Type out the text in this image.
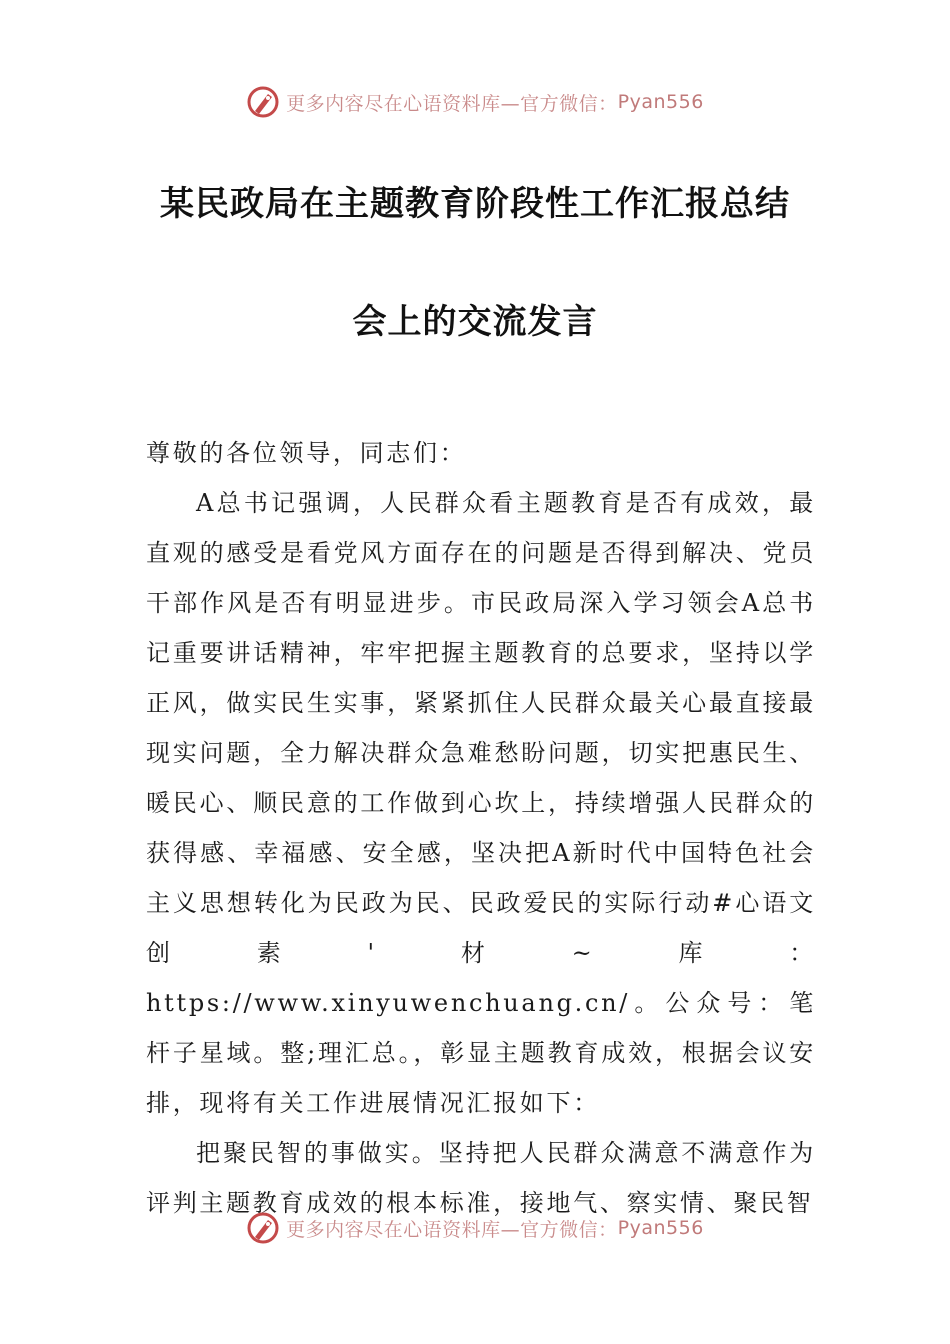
更多内容尽在心语资料库—官方微信： Pyan556
某民政局在主题教育阶段性工作汇报总结
会上的交流发言

尊敬的各位领导，同志们：

A总书记强调，人民群众看主题教育是否有成效，最直观的感受是看党风方面存在的问题是否得到解决、党员干部作风是否有明显进步。市民政局深入学习领会A总书记重要讲话精神，牢牢把握主题教育的总要求，坚持以学正风，做实民生实事，紧紧抓住人民群众最关心最直接最现实问题，全力解决群众急难愁盼问题，切实把惠民生、暖民心、顺民意的工作做到心坎上，持续增强人民群众的获得感、幸福感、安全感，坚决把A新时代中国特色社会主义思想转化为民政为民、民政爱民的实际行动#心语文创素'材~库：https://www.xinyuwenchuang.cn/。公众号：笔杆子星域。整;理汇总。，彰显主题教育成效，根据会议安排，现将有关工作进展情况汇报如下：

把聚民智的事做实。坚持把人民群众满意不满意作为评判主题教育成效的根本标准，接地气、察实情、聚民智

更多内容尽在心语资料库—官方微信： Pyan556
